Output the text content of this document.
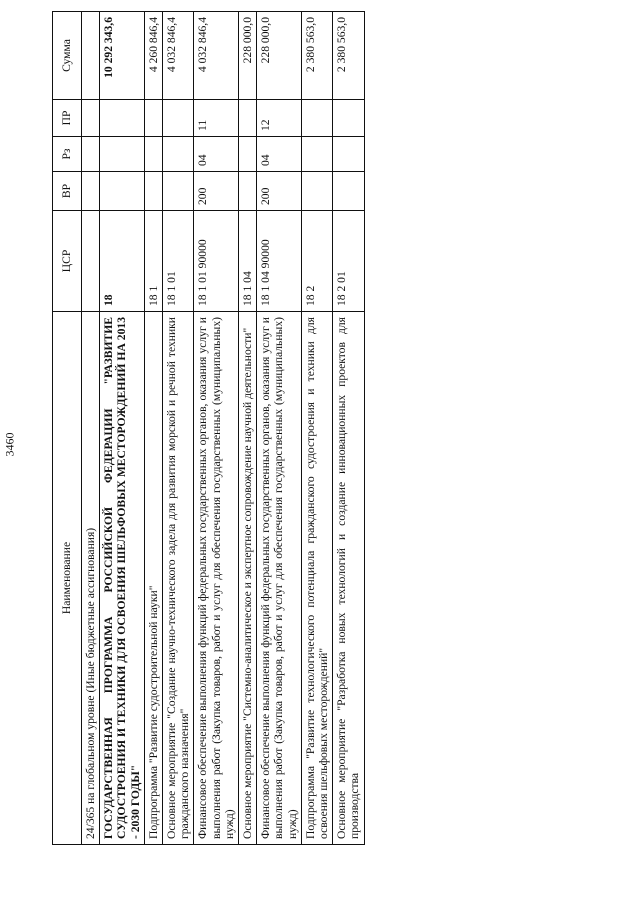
3460
Наименование	ЦСР	ВР	Рз	ПР	Сумма
24/365 на глобальном уровне (Иные бюджетные ассигнования)					
ГОСУДАРСТВЕННАЯ ПРОГРАММА РОССИЙСКОЙ ФЕДЕРАЦИИ "РАЗВИТИЕ СУДОСТРОЕНИЯ И ТЕХНИКИ ДЛЯ ОСВОЕНИЯ ШЕЛЬФОВЫХ МЕСТОРОЖДЕНИЙ НА 2013 - 2030 ГОДЫ"	18				10 292 343,6
Подпрограмма "Развитие судостроительной науки"	18 1				4 260 846,4
Основное мероприятие "Создание научно-технического задела для развития морской и речной техники гражданского назначения"	18 1 01				4 032 846,4
Финансовое обеспечение выполнения функций федеральных государственных органов, оказания услуг и выполнения работ (Закупка товаров, работ и услуг для обеспечения государственных (муниципальных) нужд)	18 1 01 90000	200	04	11	4 032 846,4
Основное мероприятие "Системно-аналитическое и экспертное сопровождение научной деятельности"	18 1 04				228 000,0
Финансовое обеспечение выполнения функций федеральных государственных органов, оказания услуг и выполнения работ (Закупка товаров, работ и услуг для обеспечения государственных (муниципальных) нужд)	18 1 04 90000	200	04	12	228 000,0
Подпрограмма "Развитие технологического потенциала гражданского судостроения и техники для освоения шельфовых месторождений"	18 2				2 380 563,0
Основное мероприятие "Разработка новых технологий и создание инновационных проектов для производства	18 2 01				2 380 563,0
